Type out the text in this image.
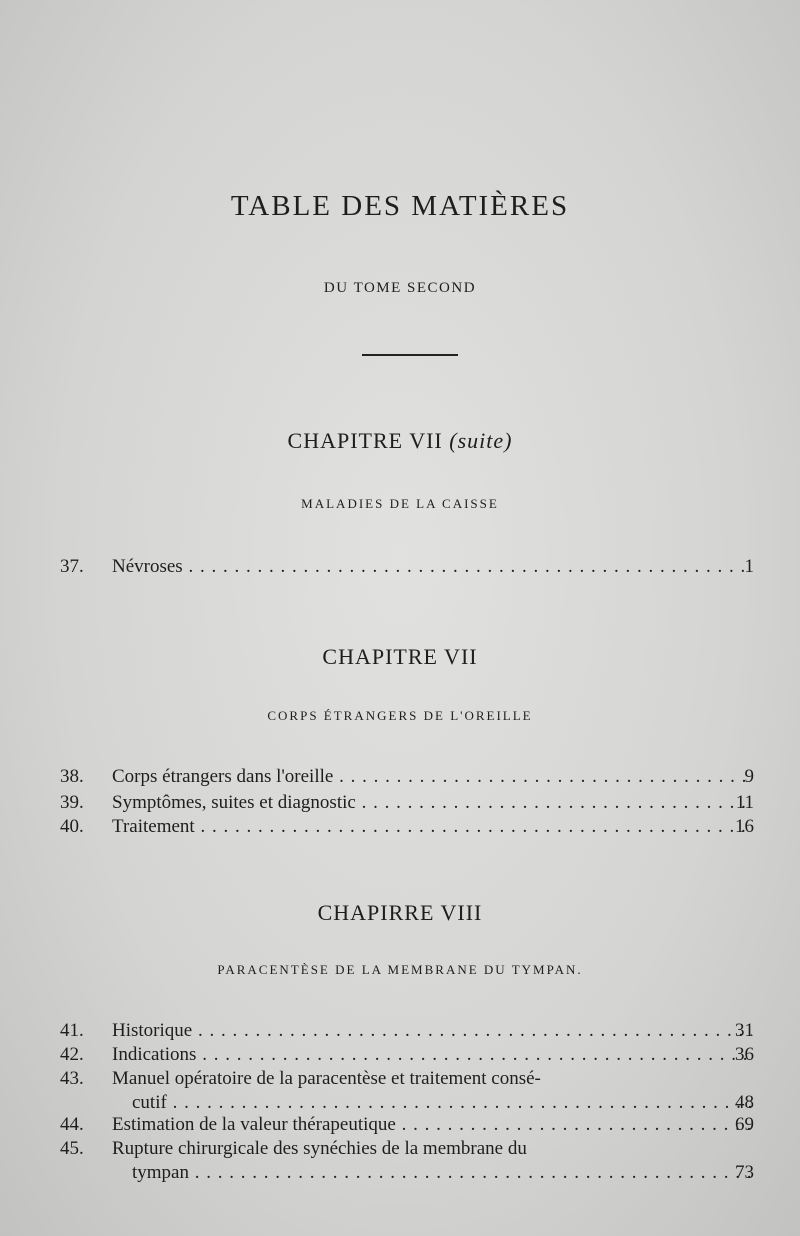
TABLE DES MATIÈRES
DU TOME SECOND
CHAPITRE VII (suite)
MALADIES DE LA CAISSE
37.	Névroses . . .	1
CHAPITRE VII
CORPS ÉTRANGERS DE L'OREILLE
38.	Corps étrangers dans l'oreille . . .	9
39.	Symptômes, suites et diagnostic . . .	11
40.	Traitement . . .	16
CHAPIRRE VIII
PARACENTÈSE DE LA MEMBRANE DU TYMPAN.
41.	Historique . . .	31
42.	Indications . . .	36
43.	Manuel opératoire de la paracentèse et traitement consé-
cutif . . .	48
44.	Estimation de la valeur thérapeutique . . .	69
45.	Rupture chirurgicale des synéchies de la membrane du
tympan . . .	73
